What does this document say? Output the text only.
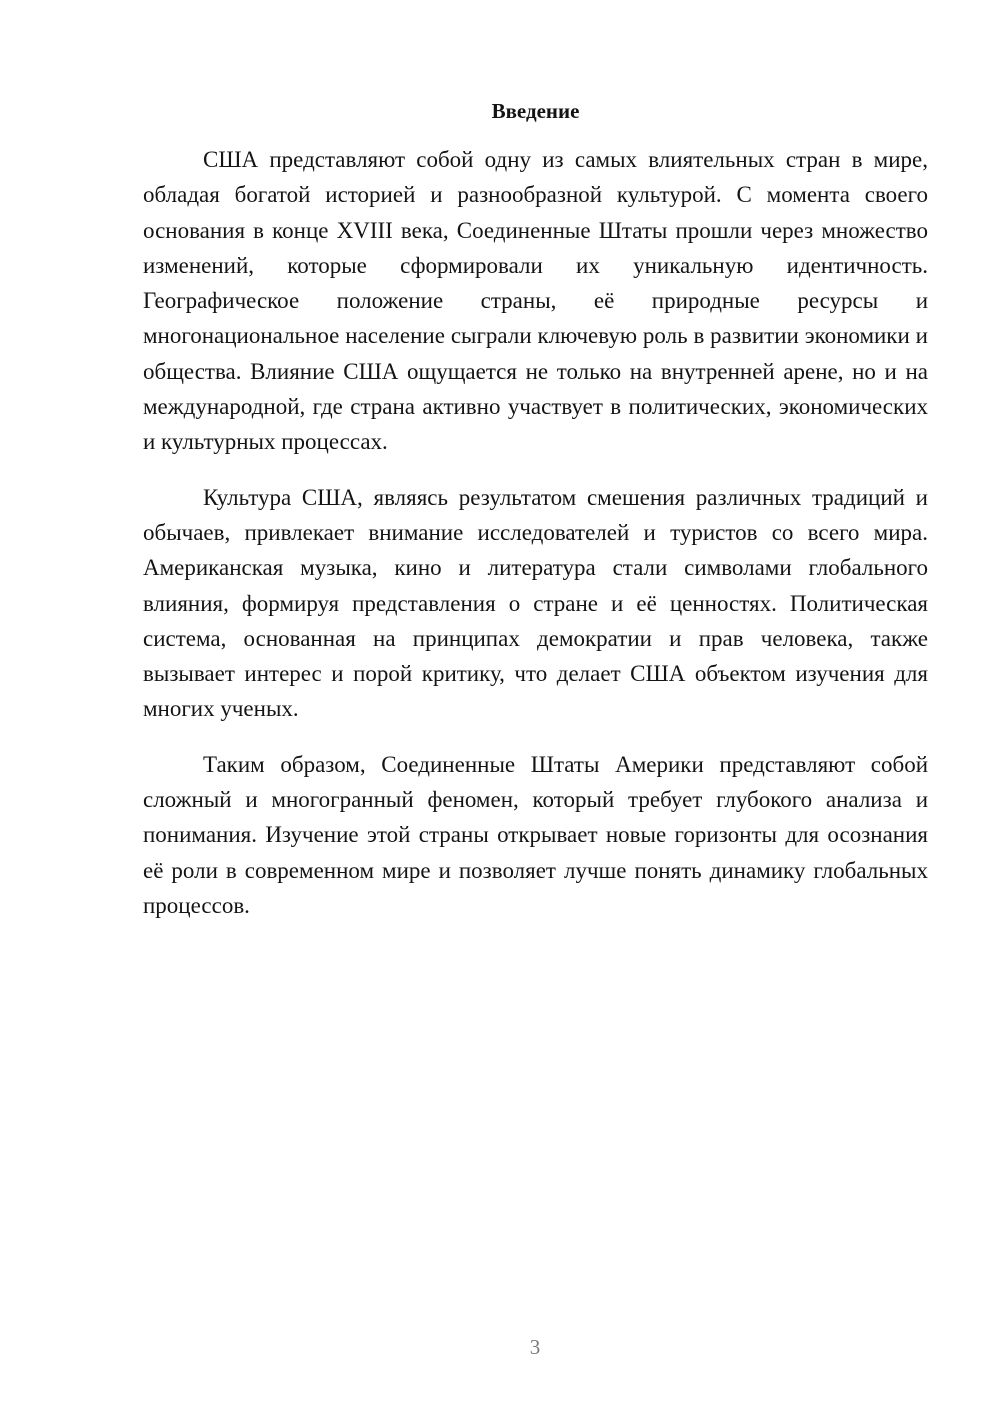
Введение

США представляют собой одну из самых влиятельных стран в мире, обладая богатой историей и разнообразной культурой. С момента своего основания в конце XVIII века, Соединенные Штаты прошли через множество изменений, которые сформировали их уникальную идентичность. Географическое положение страны, её природные ресурсы и многонациональное население сыграли ключевую роль в развитии экономики и общества. Влияние США ощущается не только на внутренней арене, но и на международной, где страна активно участвует в политических, экономических и культурных процессах.

Культура США, являясь результатом смешения различных традиций и обычаев, привлекает внимание исследователей и туристов со всего мира. Американская музыка, кино и литература стали символами глобального влияния, формируя представления о стране и её ценностях. Политическая система, основанная на принципах демократии и прав человека, также вызывает интерес и порой критику, что делает США объектом изучения для многих ученых.

Таким образом, Соединенные Штаты Америки представляют собой сложный и многогранный феномен, который требует глубокого анализа и понимания. Изучение этой страны открывает новые горизонты для осознания её роли в современном мире и позволяет лучше понять динамику глобальных процессов.

3
